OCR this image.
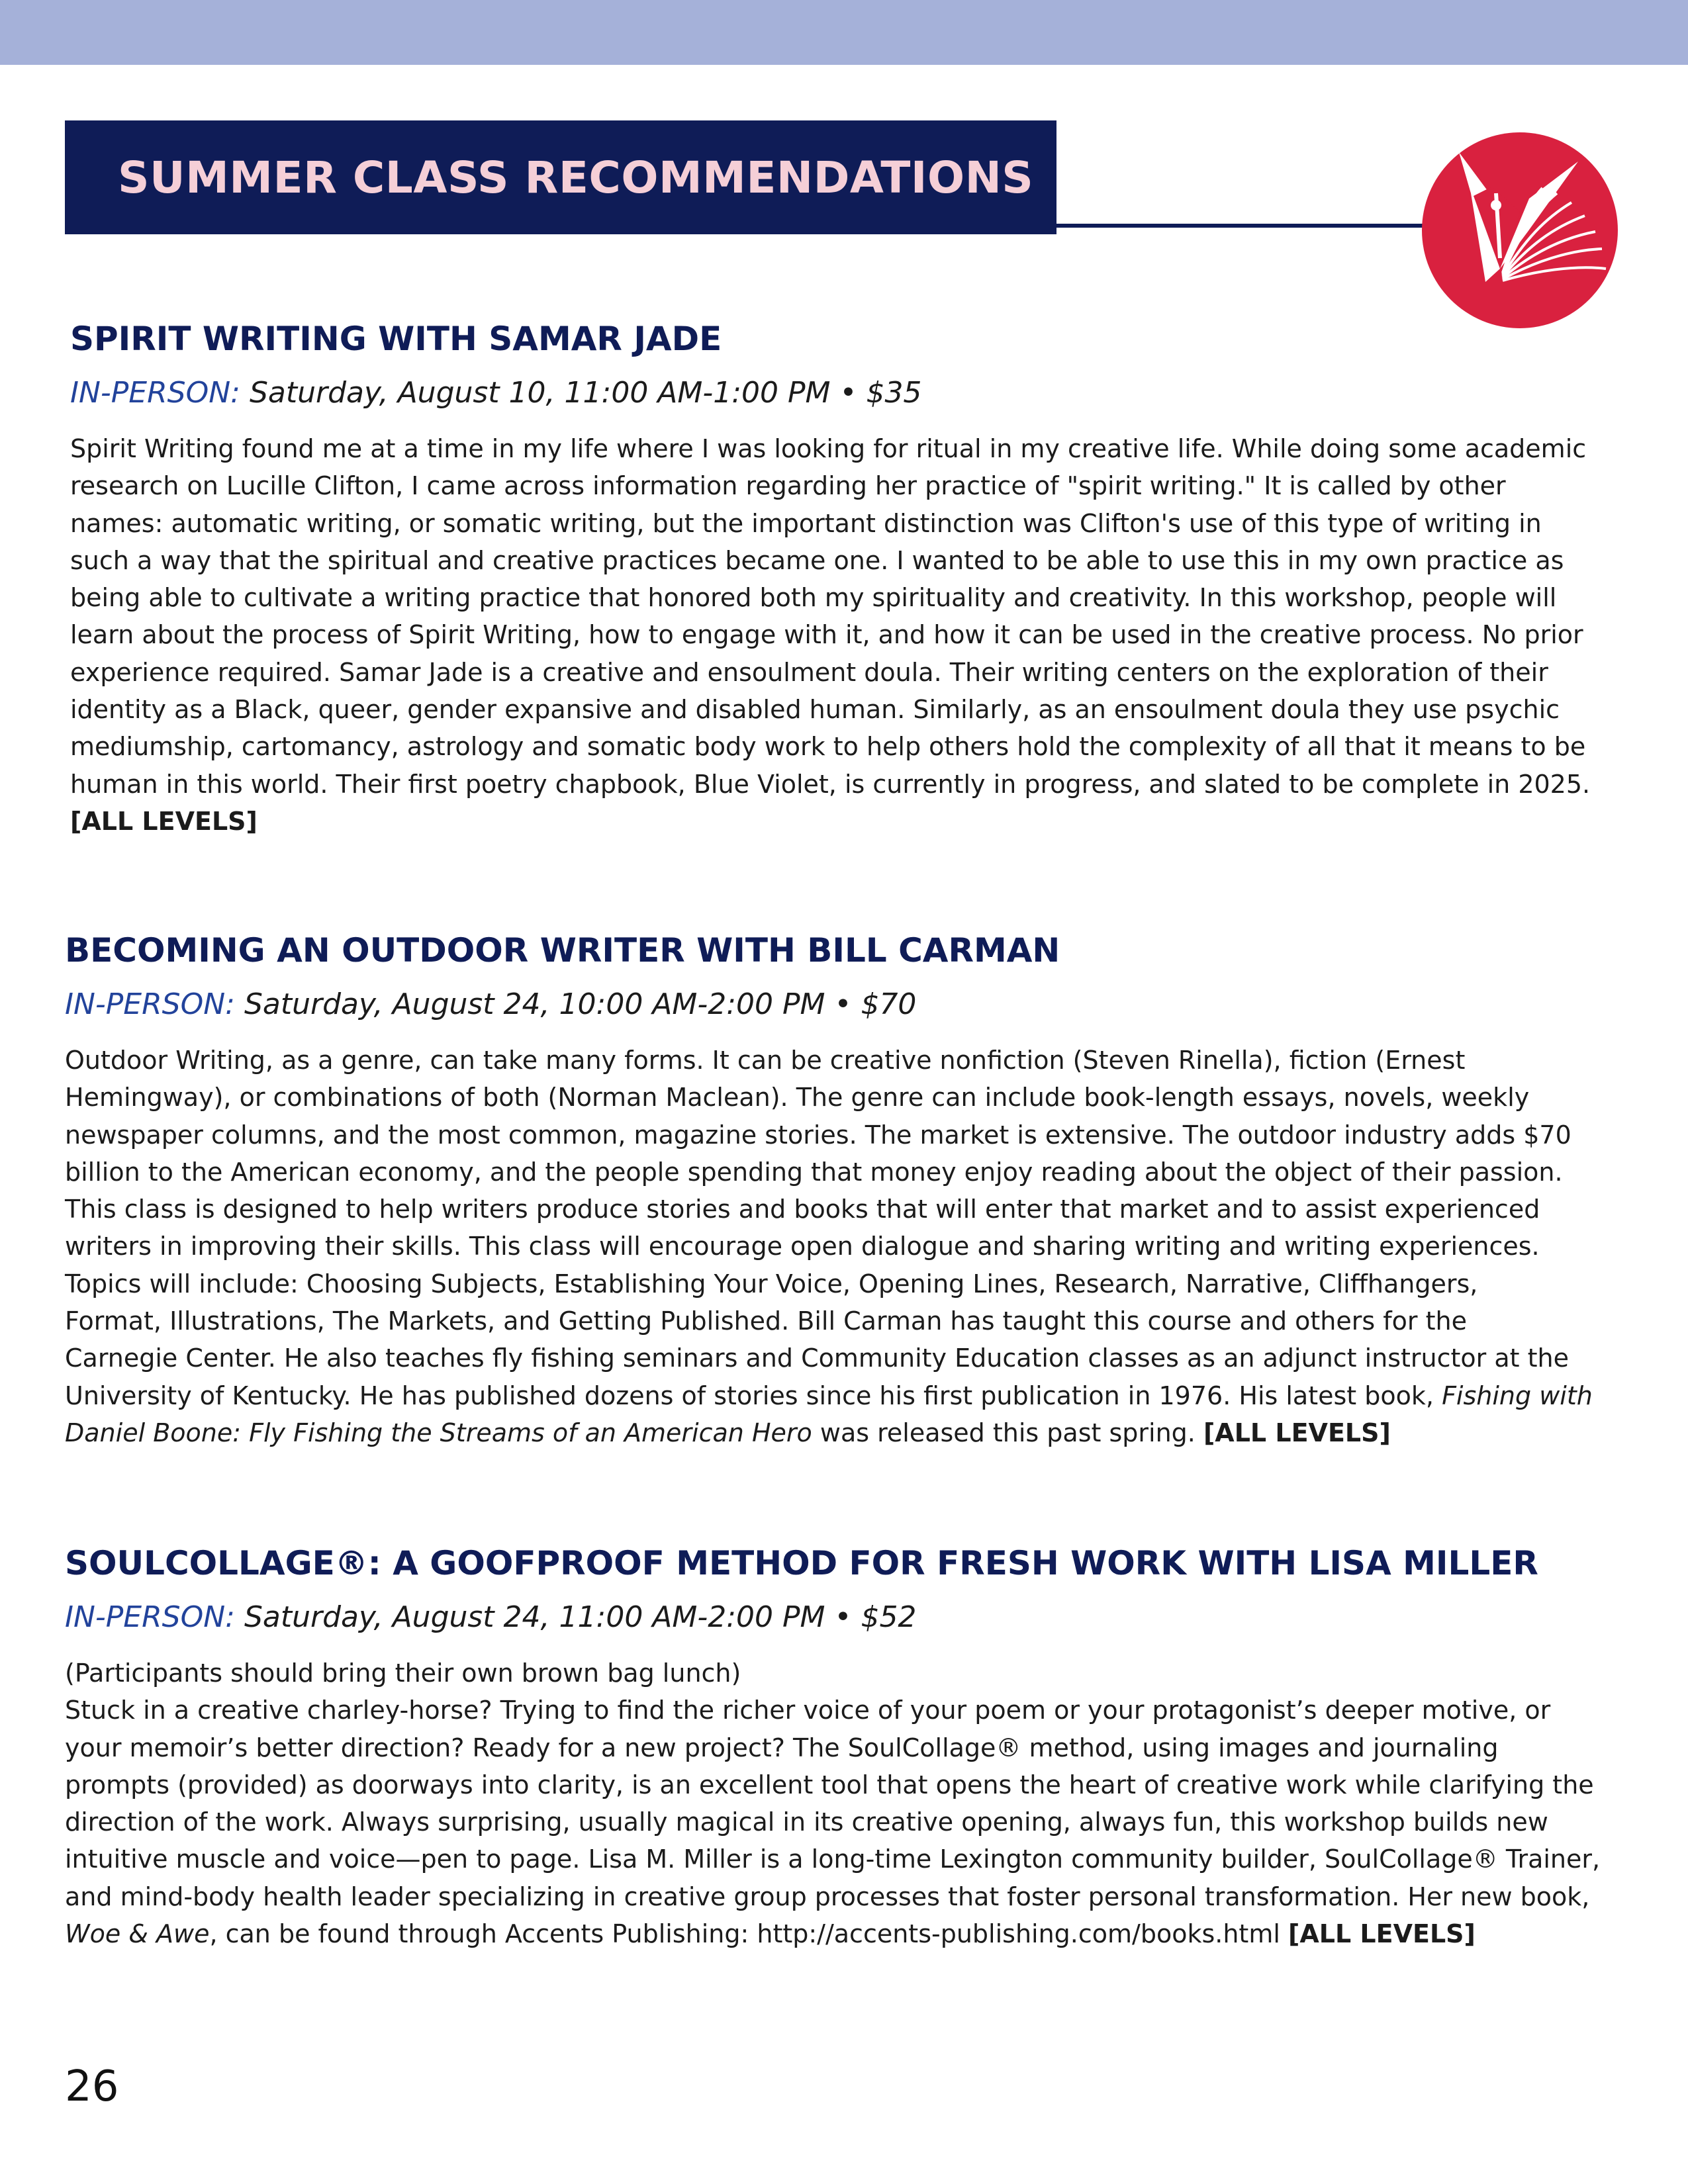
SUMMER CLASS RECOMMENDATIONS
SPIRIT WRITING WITH SAMAR JADE

IN-PERSON: Saturday, August 10, 11:00 AM-1:00 PM • $35

Spirit Writing found me at a time in my life where I was looking for ritual in my creative life. While doing some academic
research on Lucille Clifton, I came across information regarding her practice of "spirit writing." It is called by other
names: automatic writing, or somatic writing, but the important distinction was Clifton's use of this type of writing in
such a way that the spiritual and creative practices became one. I wanted to be able to use this in my own practice as
being able to cultivate a writing practice that honored both my spirituality and creativity. In this workshop, people will
learn about the process of Spirit Writing, how to engage with it, and how it can be used in the creative process. No prior
experience required. Samar Jade is a creative and ensoulment doula. Their writing centers on the exploration of their
identity as a Black, queer, gender expansive and disabled human. Similarly, as an ensoulment doula they use psychic
mediumship, cartomancy, astrology and somatic body work to help others hold the complexity of all that it means to be
human in this world. Their first poetry chapbook, Blue Violet, is currently in progress, and slated to be complete in 2025.
[ALL LEVELS]

BECOMING AN OUTDOOR WRITER WITH BILL CARMAN

IN-PERSON: Saturday, August 24, 10:00 AM-2:00 PM • $70

Outdoor Writing, as a genre, can take many forms. It can be creative nonfiction (Steven Rinella), fiction (Ernest
Hemingway), or combinations of both (Norman Maclean). The genre can include book-length essays, novels, weekly
newspaper columns, and the most common, magazine stories. The market is extensive. The outdoor industry adds $70
billion to the American economy, and the people spending that money enjoy reading about the object of their passion.
This class is designed to help writers produce stories and books that will enter that market and to assist experienced
writers in improving their skills. This class will encourage open dialogue and sharing writing and writing experiences.
Topics will include: Choosing Subjects, Establishing Your Voice, Opening Lines, Research, Narrative, Cliffhangers,
Format, Illustrations, The Markets, and Getting Published. Bill Carman has taught this course and others for the
Carnegie Center. He also teaches fly fishing seminars and Community Education classes as an adjunct instructor at the
University of Kentucky. He has published dozens of stories since his first publication in 1976. His latest book, Fishing with
Daniel Boone: Fly Fishing the Streams of an American Hero was released this past spring. [ALL LEVELS]

SOULCOLLAGE®: A GOOFPROOF METHOD FOR FRESH WORK WITH LISA MILLER

IN-PERSON: Saturday, August 24, 11:00 AM-2:00 PM • $52

(Participants should bring their own brown bag lunch)
Stuck in a creative charley-horse? Trying to find the richer voice of your poem or your protagonist’s deeper motive, or
your memoir’s better direction? Ready for a new project? The SoulCollage® method, using images and journaling
prompts (provided) as doorways into clarity, is an excellent tool that opens the heart of creative work while clarifying the
direction of the work. Always surprising, usually magical in its creative opening, always fun, this workshop builds new
intuitive muscle and voice—pen to page. Lisa M. Miller is a long-time Lexington community builder, SoulCollage® Trainer,
and mind-body health leader specializing in creative group processes that foster personal transformation. Her new book,
Woe & Awe, can be found through Accents Publishing: http://accents-publishing.com/books.html [ALL LEVELS]

26
